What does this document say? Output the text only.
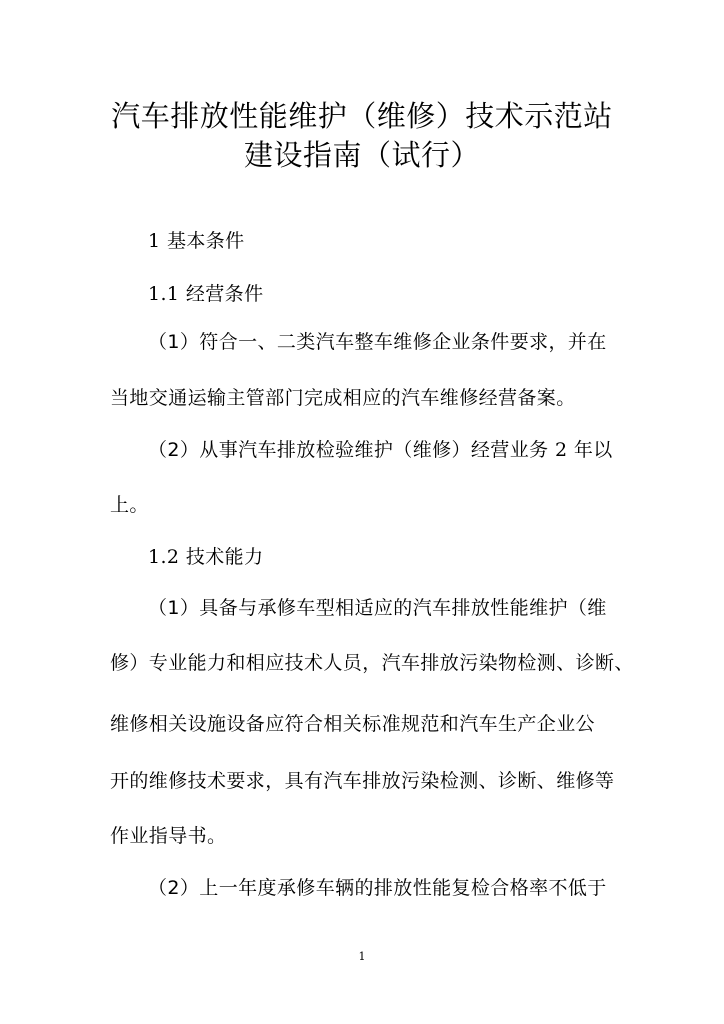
汽车排放性能维护（维修）技术示范站
建设指南（试行）
1 基本条件
1.1 经营条件
（1）符合一、二类汽车整车维修企业条件要求，并在
当地交通运输主管部门完成相应的汽车维修经营备案。
（2）从事汽车排放检验维护（维修）经营业务 2 年以
上。
1.2 技术能力
（1）具备与承修车型相适应的汽车排放性能维护（维
修）专业能力和相应技术人员，汽车排放污染物检测、诊断、
维修相关设施设备应符合相关标准规范和汽车生产企业公
开的维修技术要求，具有汽车排放污染检测、诊断、维修等
作业指导书。
（2）上一年度承修车辆的排放性能复检合格率不低于
1
